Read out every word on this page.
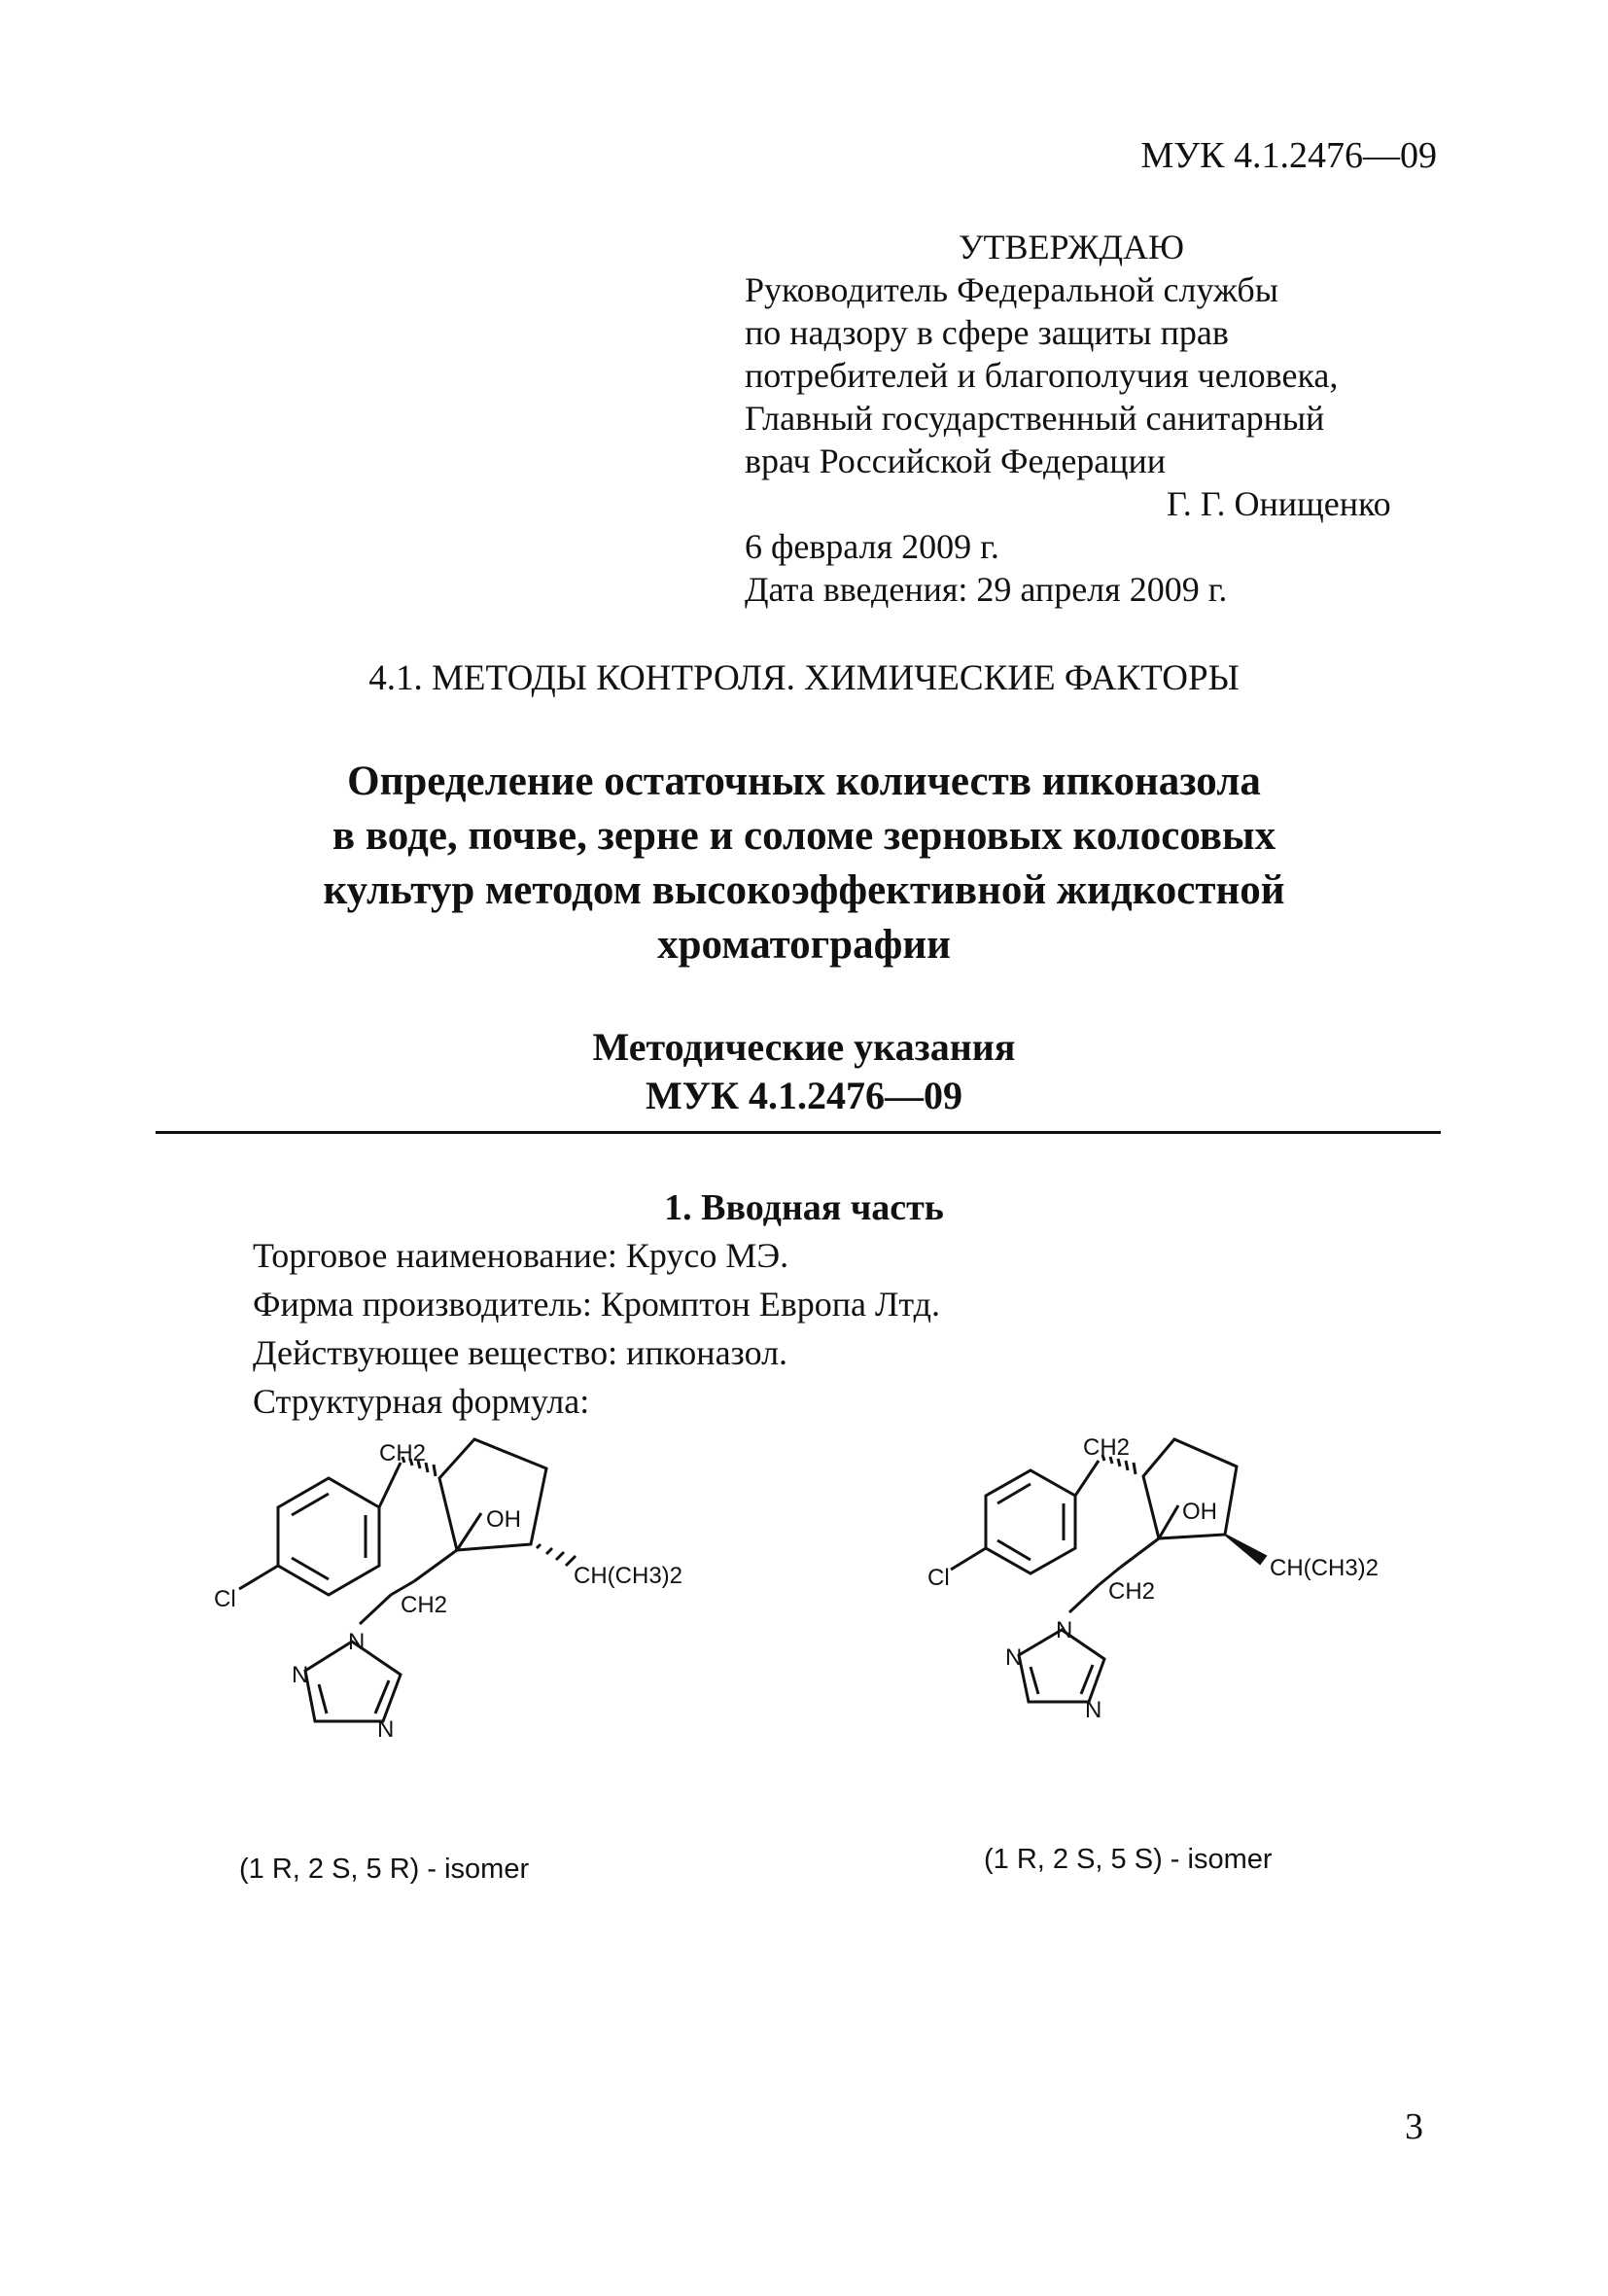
МУК 4.1.2476—09
УТВЕРЖДАЮ
Руководитель Федеральной службы
по надзору в сфере защиты прав
потребителей и благополучия человека,
Главный государственный санитарный
врач Российской Федерации
Г. Г. Онищенко
6 февраля 2009 г.
Дата введения: 29 апреля 2009 г.
4.1. МЕТОДЫ КОНТРОЛЯ. ХИМИЧЕСКИЕ ФАКТОРЫ
Определение остаточных количеств ипконазола
в воде, почве, зерне и соломе зерновых колосовых
культур методом высокоэффективной жидкостной
хроматографии
Методические указания
МУК 4.1.2476—09
1. Вводная часть
Торговое наименование: Крусо МЭ.
Фирма производитель: Кромптон Европа Лтд.
Действующее вещество: ипконазол.
Структурная формула:
Cl
CH2
OH
CH2
CH(CH3)2
N
N
N
Cl
CH2
OH
CH2
CH(CH3)2
N
N
N
(1 R, 2 S, 5 R) - isomer	(1 R, 2 S, 5 S) - isomer
3
